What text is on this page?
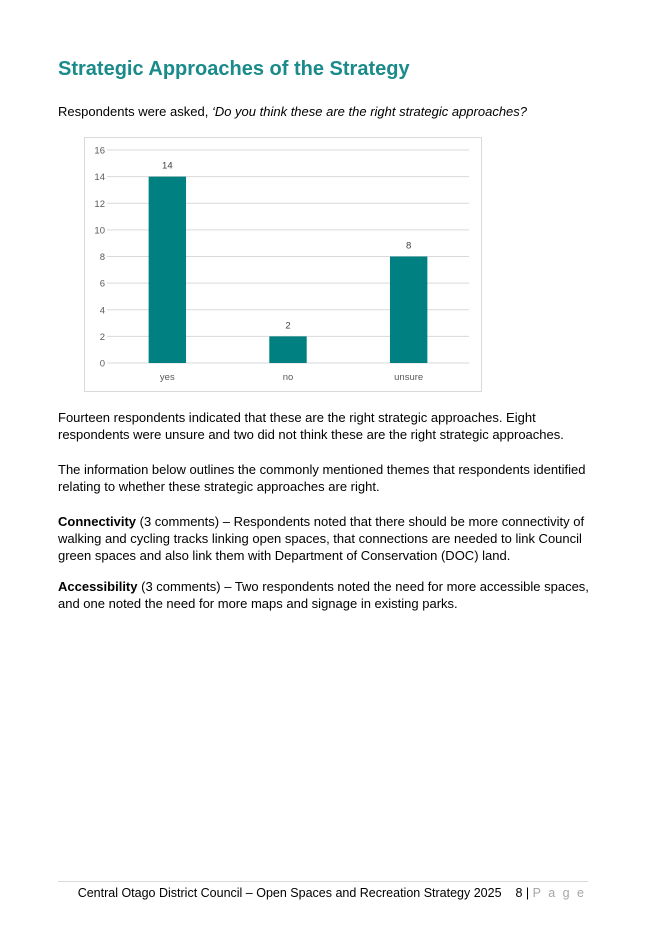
Strategic Approaches of the Strategy
Respondents were asked, ‘Do you think these are the right strategic approaches?
0
2
4
6
8
10
12
14
16
14
yes
2
no
8
unsure

Fourteen respondents indicated that these are the right strategic approaches. Eight respondents were unsure and two did not think these are the right strategic approaches.

The information below outlines the commonly mentioned themes that respondents identified relating to whether these strategic approaches are right.

Connectivity (3 comments) – Respondents noted that there should be more connectivity of walking and cycling tracks linking open spaces, that connections are needed to link Council green spaces and also link them with Department of Conservation (DOC) land.

Accessibility (3 comments) – Two respondents noted the need for more accessible spaces, and one noted the need for more maps and signage in existing parks.

Central Otago District Council – Open Spaces and Recreation Strategy 2025 8 | P a g e
